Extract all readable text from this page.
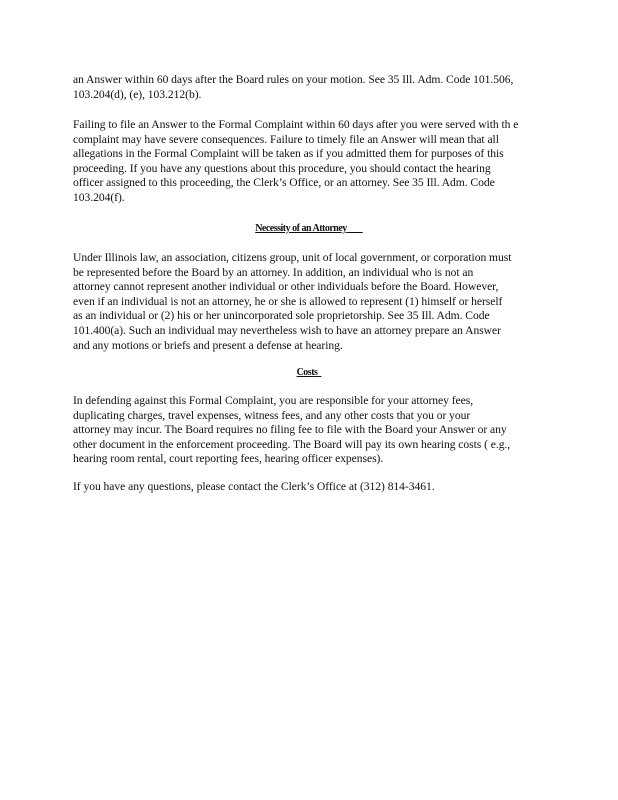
an Answer within 60 days after the Board rules on your motion. See 35 Ill. Adm. Code 101.506,
103.204(d), (e), 103.212(b).
Failing to file an Answer to the Formal Complaint within 60 days after you were served with th e
complaint may have severe consequences. Failure to timely file an Answer will mean that all
allegations in the Formal Complaint will be taken as if you admitted them for purposes of this
proceeding. If you have any questions about this procedure, you should contact the hearing
officer assigned to this proceeding, the Clerk’s Office, or an attorney. See 35 Ill. Adm. Code
103.204(f).
Necessity of an Attorney
Under Illinois law, an association, citizens group, unit of local government, or corporation must
be represented before the Board by an attorney. In addition, an individual who is not an
attorney cannot represent another individual or other individuals before the Board. However,
even if an individual is not an attorney, he or she is allowed to represent (1) himself or herself
as an individual or (2) his or her unincorporated sole proprietorship. See 35 Ill. Adm. Code
101.400(a). Such an individual may nevertheless wish to have an attorney prepare an Answer
and any motions or briefs and present a defense at hearing.
Costs
In defending against this Formal Complaint, you are responsible for your attorney fees,
duplicating charges, travel expenses, witness fees, and any other costs that you or your
attorney may incur. The Board requires no filing fee to file with the Board your Answer or any
other document in the enforcement proceeding. The Board will pay its own hearing costs ( e.g.,
hearing room rental, court reporting fees, hearing officer expenses).
If you have any questions, please contact the Clerk’s Office at (312) 814-3461.
